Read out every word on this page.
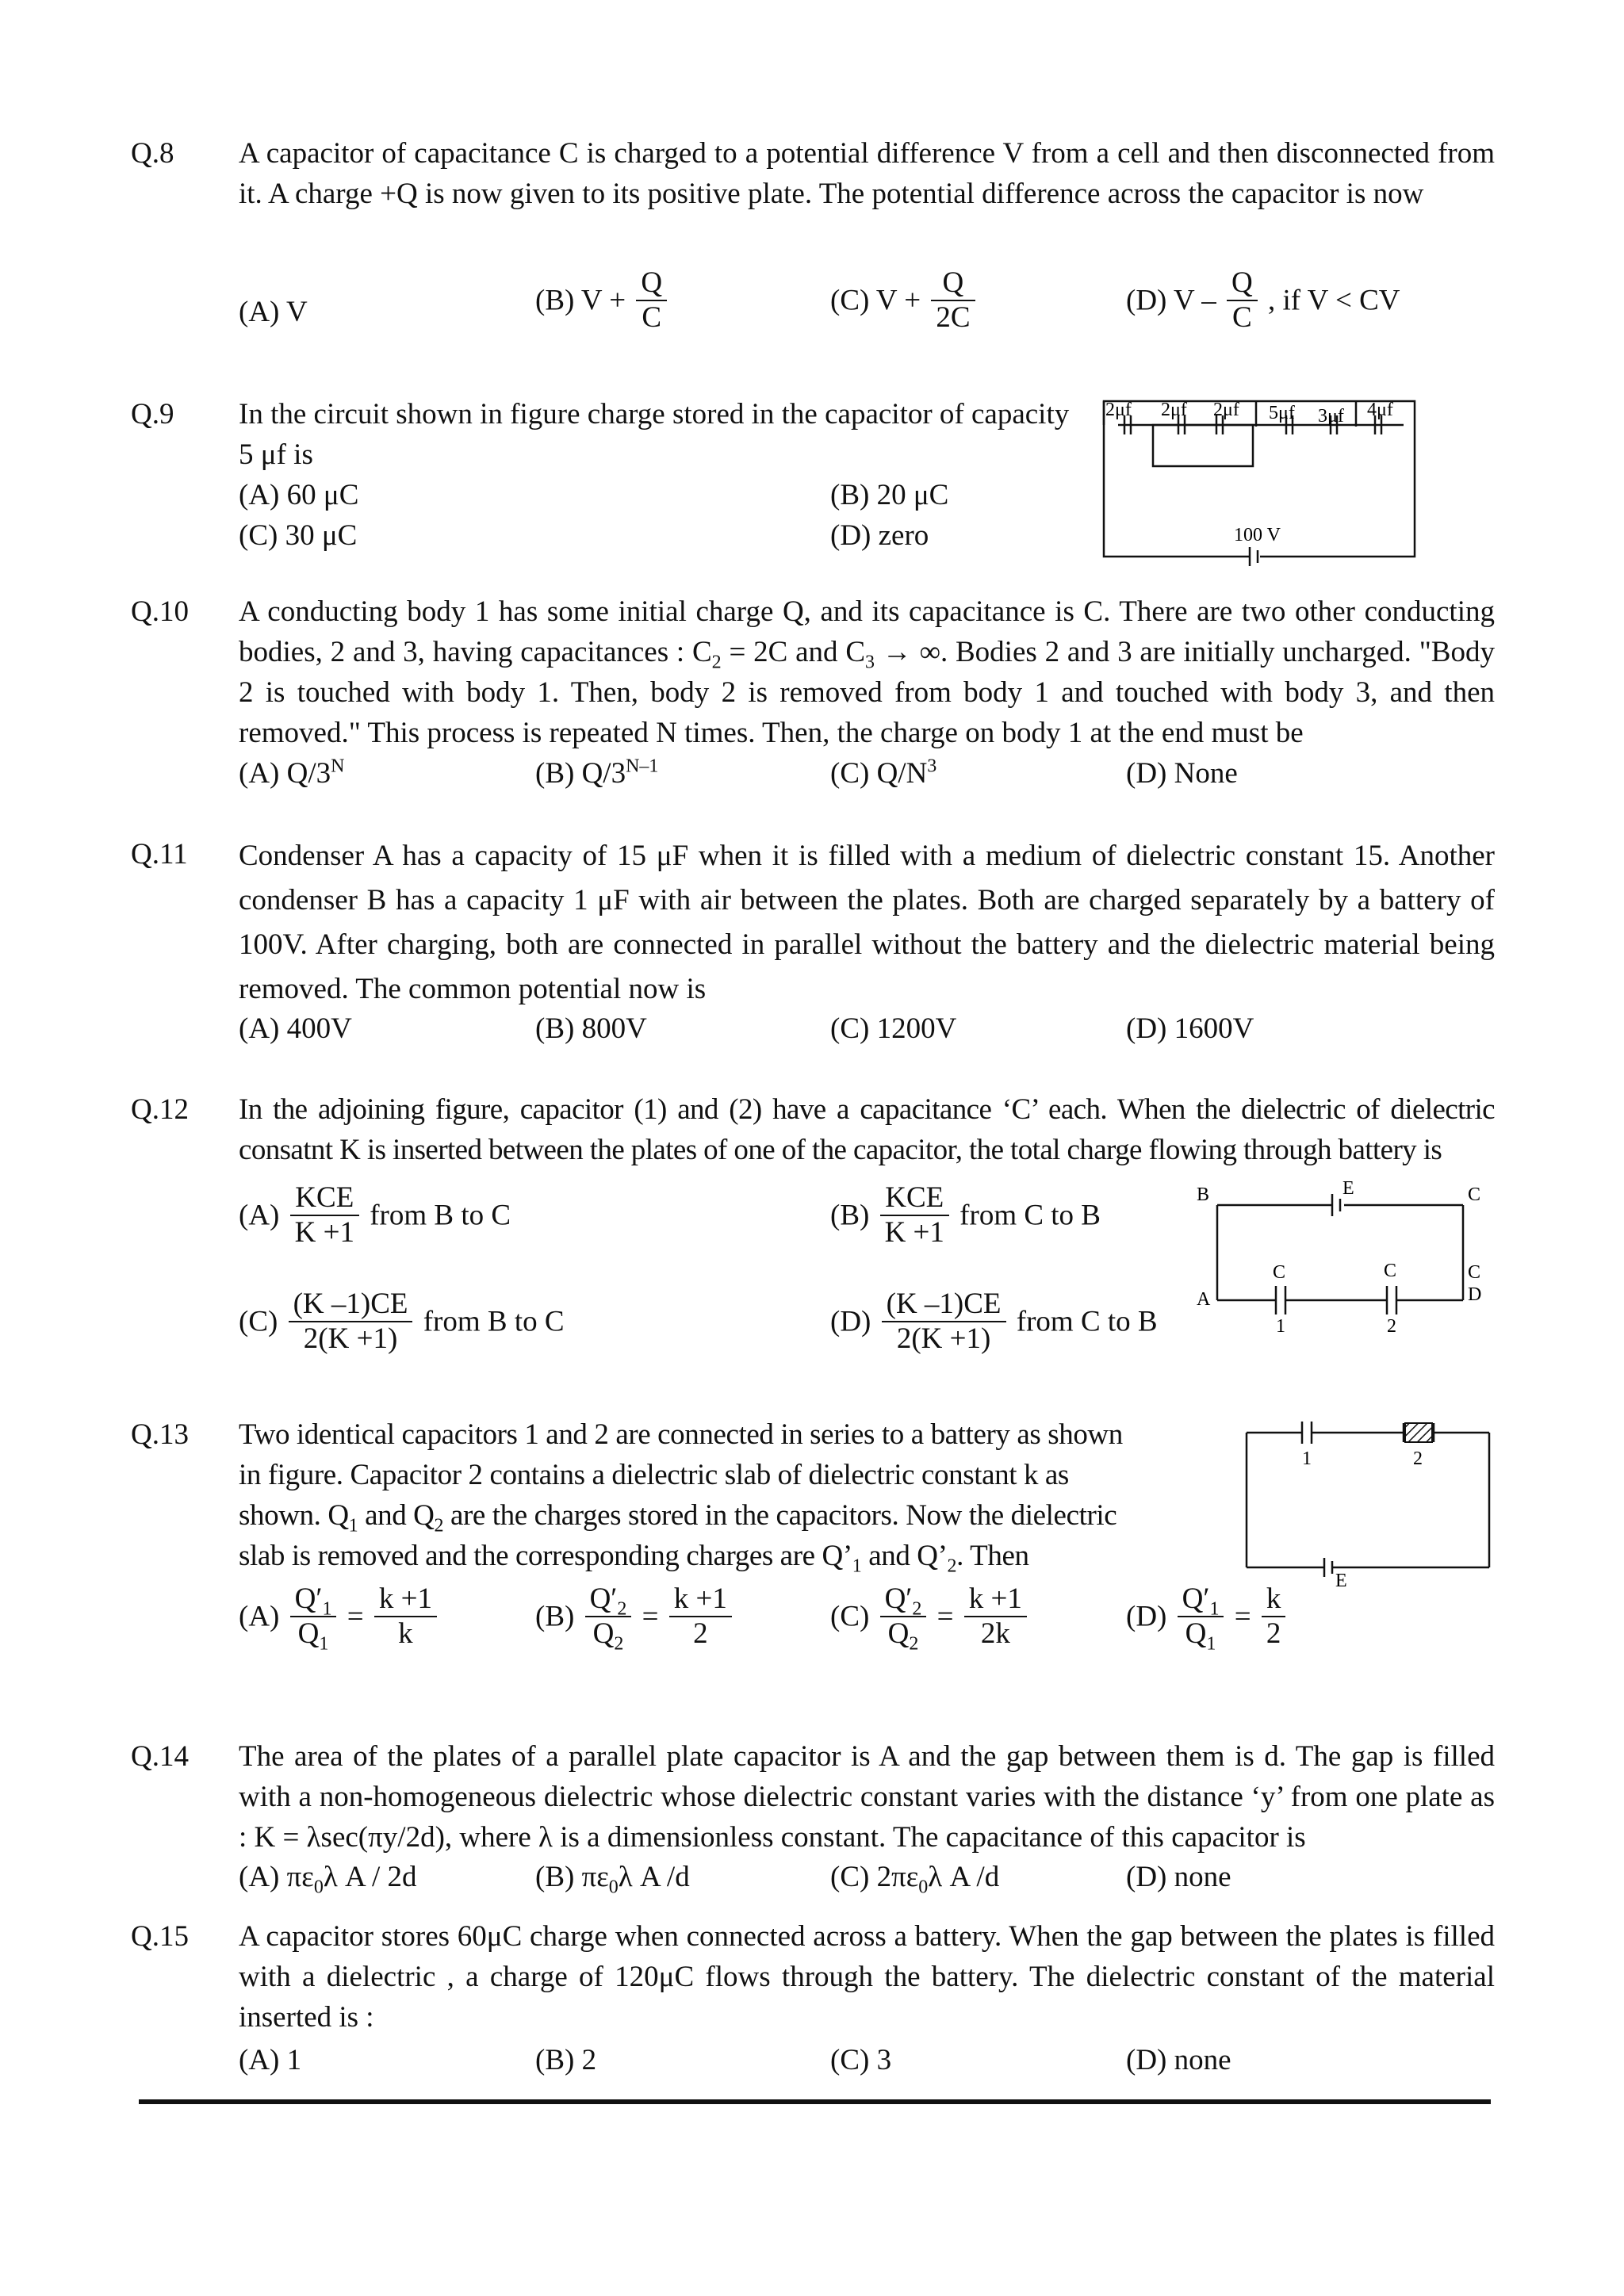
Q.8 A capacitor of capacitance C is charged to a potential difference V from a cell and then disconnected from it. A charge +Q is now given to its positive plate. The potential difference across the capacitor is now
(A) V	(B) $V + \frac{Q}{C}$	(C) $V + \frac{Q}{2C}$	(D) V – $\frac{Q}{C}$ , if V < CV
Q.9 In the circuit shown in figure charge stored in the capacitor of capacity 5 μf is
(A) 60 μC	(B) 20 μC
(C) 30 μC	(D) zero
2μf 2μf 2μf 5μf 3μf 4μf
100 V
Q.10 A conducting body 1 has some initial charge Q, and its capacitance is C. There are two other conducting bodies, 2 and 3, having capacitances : $C_2 = 2C$ and $C_3$ → ∞. Bodies 2 and 3 are initially uncharged. "Body 2 is touched with body 1. Then, body 2 is removed from body 1 and touched with body 3, and then removed." This process is repeated N times. Then, the charge on body 1 at the end must be
(A) $Q/3^N$	(B) $Q/3^{N-1}$	(C) $Q/N^3$	(D) None
Q.11 Condenser A has a capacity of 15 μF when it is filled with a medium of dielectric constant 15. Another condenser B has a capacity 1 μF with air between the plates. Both are charged separately by a battery of 100V. After charging, both are connected in parallel without the battery and the dielectric material being removed. The common potential now is
(A) 400V	(B) 800V	(C) 1200V	(D) 1600V
Q.12 In the adjoining figure, capacitor (1) and (2) have a capacitance ‘C’ each. When the dielectric of dielectric consatnt K is inserted between the plates of one of the capacitor, the total charge flowing through battery is
$(A) \frac{\text{KCE}}{K +1}$ from B to C	$(B) \frac{\text{KCE}}{K +1}$ from C to B
$(C) \frac{(K -1)CE}{2(K +1)}$ from B to C	$(D) \frac{(K -1)CE}{2(K +1)}$ from C to B
B	E	C
A
C	C	C
D
1	2
Q.13 Two identical capacitors 1 and 2 are connected in series to a battery as shown in figure. Capacitor 2 contains a dielectric slab of dielectric constant k as shown. $Q_1$ and $Q_2$ are the charges stored in the capacitors. Now the dielectric slab is removed and the corresponding charges are $Q’_1$ and $Q’_2$. Then
$(A) \frac{Q'_1}{Q_1} = \frac{k +1}{k}$	$(B) \frac{Q'_2}{Q_2} = \frac{k +1}{2}$	$(C) \frac{Q'_2}{Q_2} = \frac{k +1}{2k}$	$(D) \frac{Q'_1}{Q_1} = \frac{k}{2}$
1	2
E
Q.14 The area of the plates of a parallel plate capacitor is A and the gap between them is d. The gap is filled with a non-homogeneous dielectric whose dielectric constant varies with the distance ‘y’ from one plate as : K = λsec(πy/2d), where λ is a dimensionless constant. The capacitance of this capacitor is
(A) $\pi\varepsilon_0\lambda$ A / 2d	(B) $\pi\varepsilon_0\lambda$ A /d	(C) $2\pi\varepsilon_0\lambda$ A /d	(D) none
Q.15 A capacitor stores 60μC charge when connected across a battery. When the gap between the plates is filled with a dielectric , a charge of 120μC flows through the battery. The dielectric constant of the material inserted is :
(A) 1	(B) 2	(C) 3	(D) none
